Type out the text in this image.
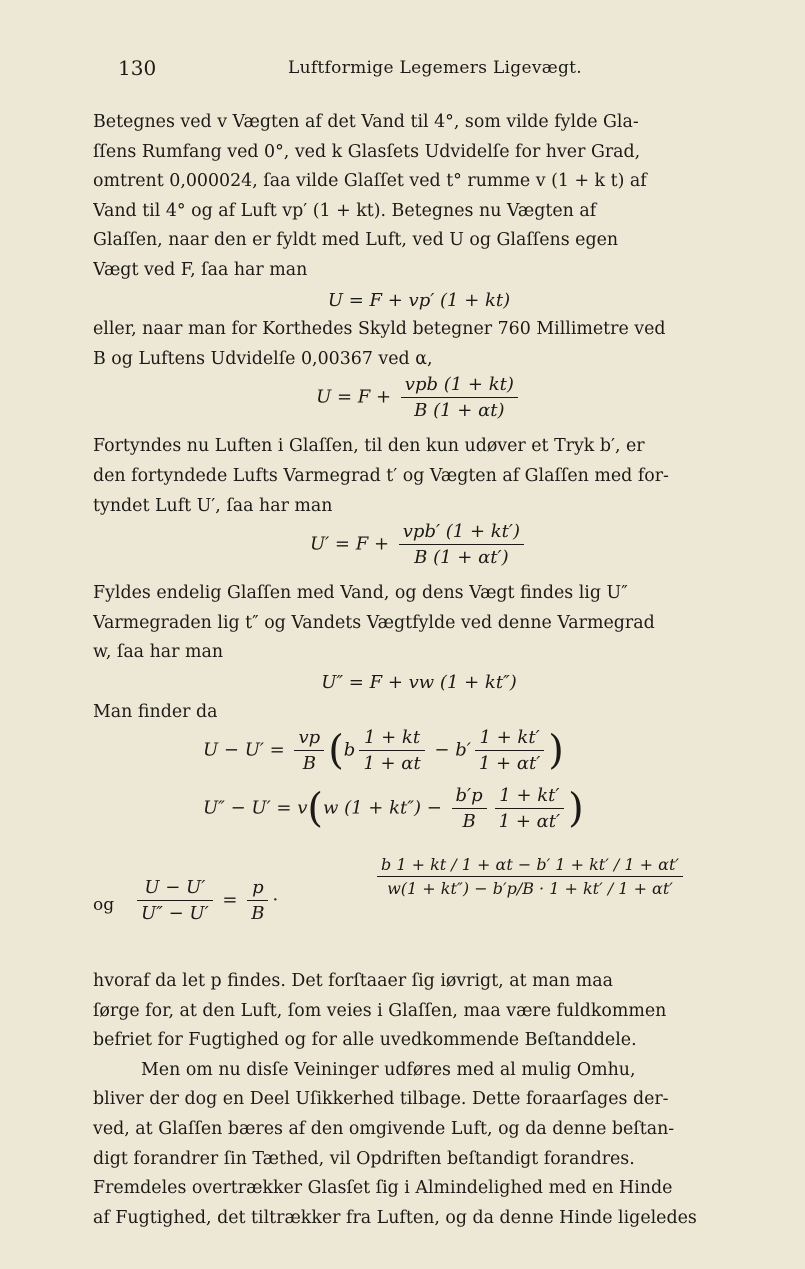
130	Luftformige Legemers Ligevægt.
Betegnes ved v Vægten af det Vand til 4°, som vilde fylde Gla-
ſſens Rumfang ved 0°, ved k Glasſets Udvidelſe for hver Grad,
omtrent 0,000024, ſaa vilde Glaſſet ved t° rumme v (1 + k t) af
Vand til 4° og af Luft vp′ (1 + kt). Betegnes nu Vægten af
Glaſſen, naar den er fyldt med Luft, ved U og Glaſſens egen
Vægt ved F, ſaa har man
U = F + vp′ (1 + kt)
eller, naar man for Korthedes Skyld betegner 760 Millimetre ved
B og Luftens Udvidelſe 0,00367 ved α,
$U = F + \frac{\text{vpb (1 + kt)}}{B (1 + \alpha t)}$
Fortyndes nu Luften i Glaſſen, til den kun udøver et Tryk b′, er
den fortyndede Lufts Varmegrad t′ og Vægten af Glaſſen med for-
tyndet Luft U′, ſaa har man
$U' = F + \frac{\text{vpb′ (1 + kt′)}}{B (1 + \alpha t')}$
Fyldes endelig Glaſſen med Vand, og dens Vægt findes lig U″
Varmegraden lig t″ og Vandets Vægtfylde ved denne Varmegrad
w, ſaa har man
U″ = F + vw (1 + kt″)
Man finder da
$U - U' = \frac{vp}{B} (b \frac{1 + kt}{1 + \alpha t} - b' \frac{1 + kt'}{1 + \alpha t'}$ )
U″ − U′ = v(w $(1 + kt'') - \frac{b'p}{B} \frac{1 + kt'}{1 + \alpha t'}$ )
og $\frac{U - U'}{U'' - U'} = \frac{p}{B}$ ·
$\frac{b 1 + kt / 1 + \alpha t - b' 1 + kt' / 1 + \alpha t'}{w(1 + kt'') - b'p/B \cdot 1 + kt' / 1 + \alpha t'}$
hvoraf da let p findes. Det forſtaaer ſig iøvrigt, at man maa
ſørge for, at den Luft, ſom veies i Glaſſen, maa være fuldkommen
befriet for Fugtighed og for alle uvedkommende Beſtanddele.
Men om nu disſe Veininger udføres med al mulig Omhu,
bliver der dog en Deel Uſikkerhed tilbage. Dette foraarſages der-
ved, at Glaſſen bæres af den omgivende Luft, og da denne beſtan-
digt forandrer ſin Tæthed, vil Opdriften beſtandigt forandres.
Fremdeles overtrækker Glasſet ſig i Almindelighed med en Hinde
af Fugtighed, det tiltrækker fra Luften, og da denne Hinde ligeledes
